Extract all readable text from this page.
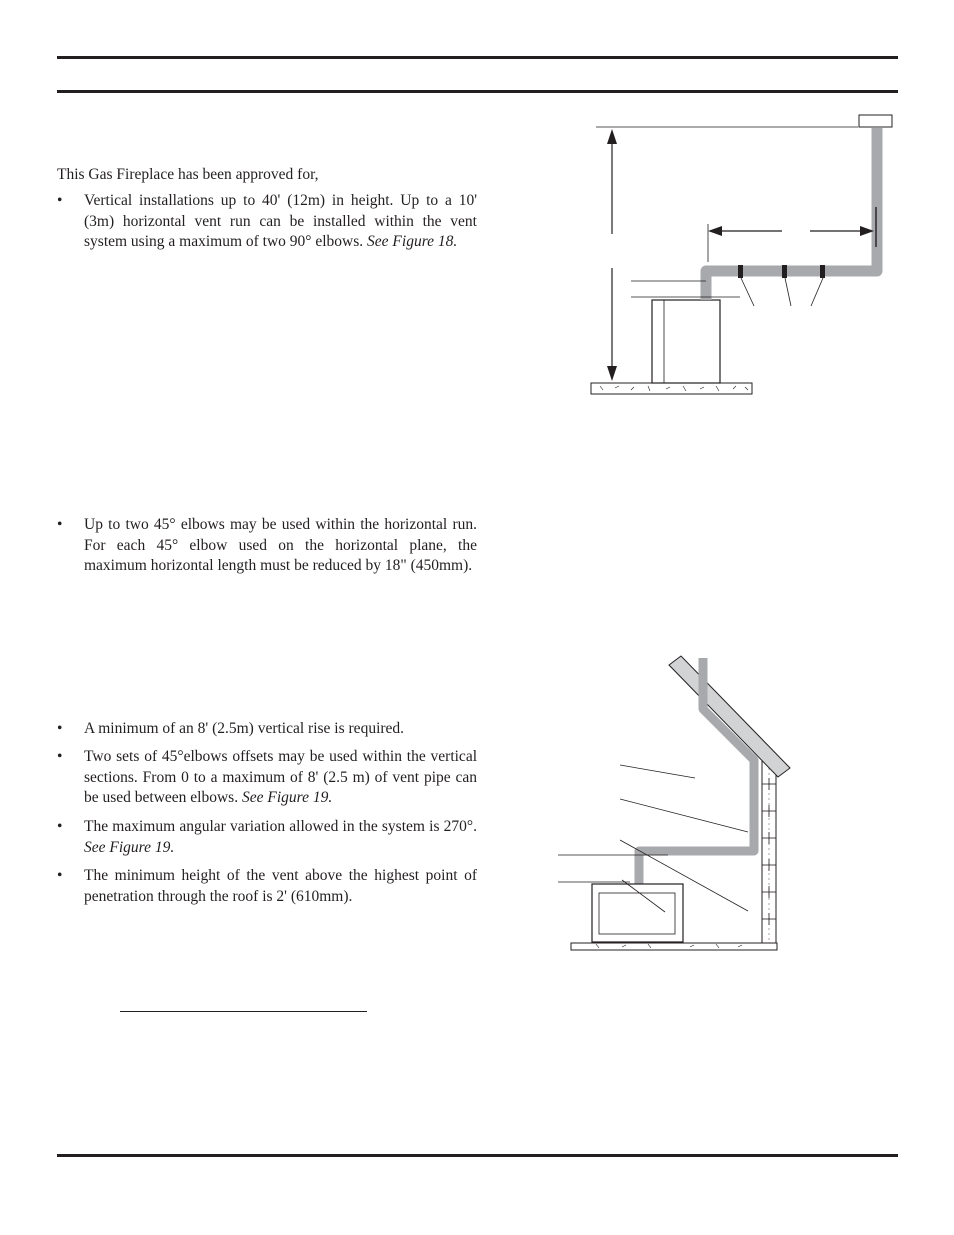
This Gas Fireplace has been approved for,
• Vertical installations up to 40' (12m) in height. Up to a 10' (3m) horizontal vent run can be installed within the vent system using a maximum of two 90° elbows. See Figure 18.
• Up to two 45° elbows may be used within the horizontal run. For each 45° elbow used on the horizontal plane, the maximum horizontal length must be reduced by 18" (450mm).
• A minimum of an 8' (2.5m) vertical rise is required.
• Two sets of 45°elbows offsets may be used within the vertical sections. From 0 to a maximum of 8' (2.5 m) of vent pipe can be used between elbows. See Figure 19.
• The maximum angular variation allowed in the system is 270°. See Figure 19.
• The minimum height of the vent above the highest point of penetration through the roof is 2' (610mm).
